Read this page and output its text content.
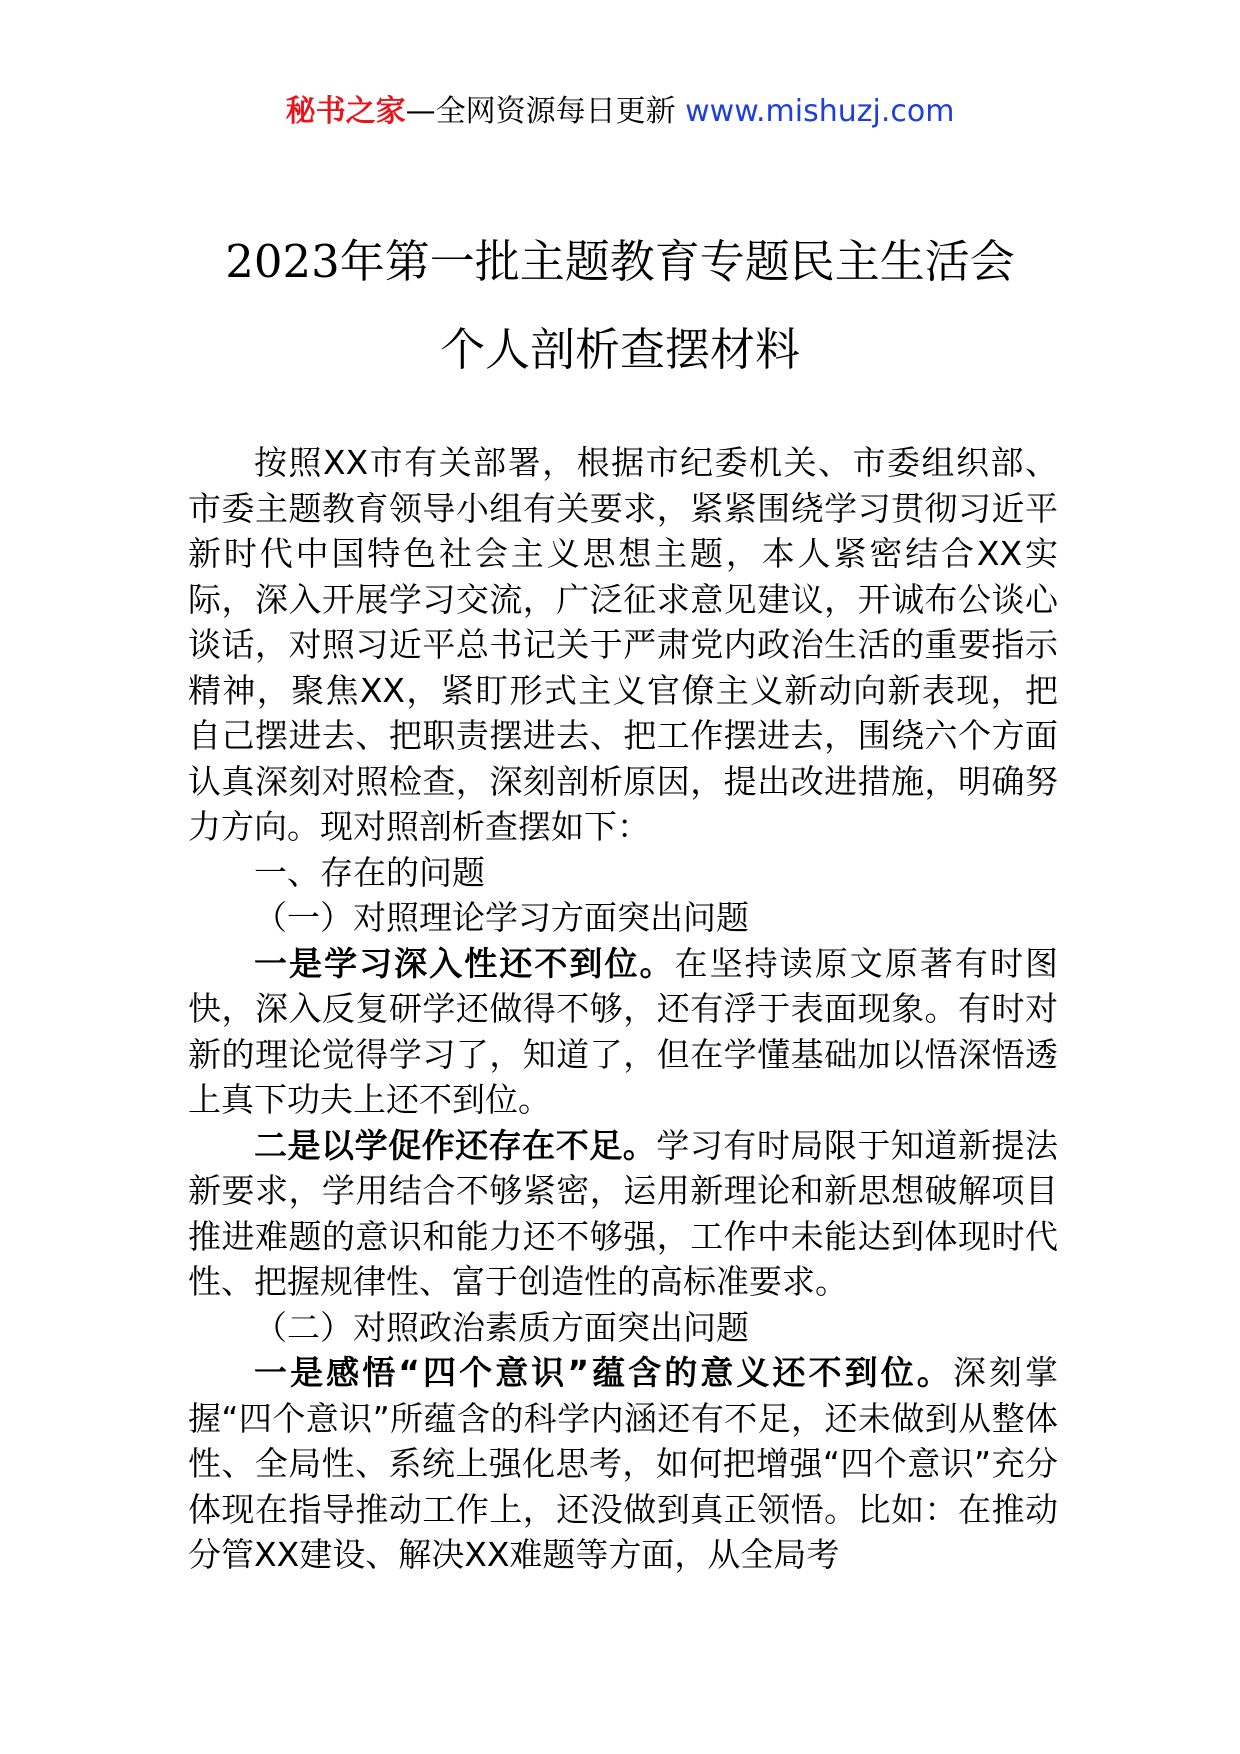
秘书之家—全网资源每日更新 www.mishuzj.com
2023年第一批主题教育专题民主生活会
个人剖析查摆材料

按照XX市有关部署，根据市纪委机关、市委组织部、市委主题教育领导小组有关要求，紧紧围绕学习贯彻习近平新时代中国特色社会主义思想主题，本人紧密结合XX实际，深入开展学习交流，广泛征求意见建议，开诚布公谈心谈话，对照习近平总书记关于严肃党内政治生活的重要指示精神，聚焦XX，紧盯形式主义官僚主义新动向新表现，把自己摆进去、把职责摆进去、把工作摆进去，围绕六个方面认真深刻对照检查，深刻剖析原因，提出改进措施，明确努力方向。现对照剖析查摆如下：

一、存在的问题

（一）对照理论学习方面突出问题

一是学习深入性还不到位。在坚持读原文原著有时图快，深入反复研学还做得不够，还有浮于表面现象。有时对新的理论觉得学习了，知道了，但在学懂基础加以悟深悟透上真下功夫上还不到位。

二是以学促作还存在不足。学习有时局限于知道新提法新要求，学用结合不够紧密，运用新理论和新思想破解项目推进难题的意识和能力还不够强，工作中未能达到体现时代性、把握规律性、富于创造性的高标准要求。

（二）对照政治素质方面突出问题

一是感悟“四个意识”蕴含的意义还不到位。深刻掌握“四个意识”所蕴含的科学内涵还有不足，还未做到从整体性、全局性、系统上强化思考，如何把增强“四个意识”充分体现在指导推动工作上，还没做到真正领悟。比如：在推动分管XX建设、解决XX难题等方面，从全局考
